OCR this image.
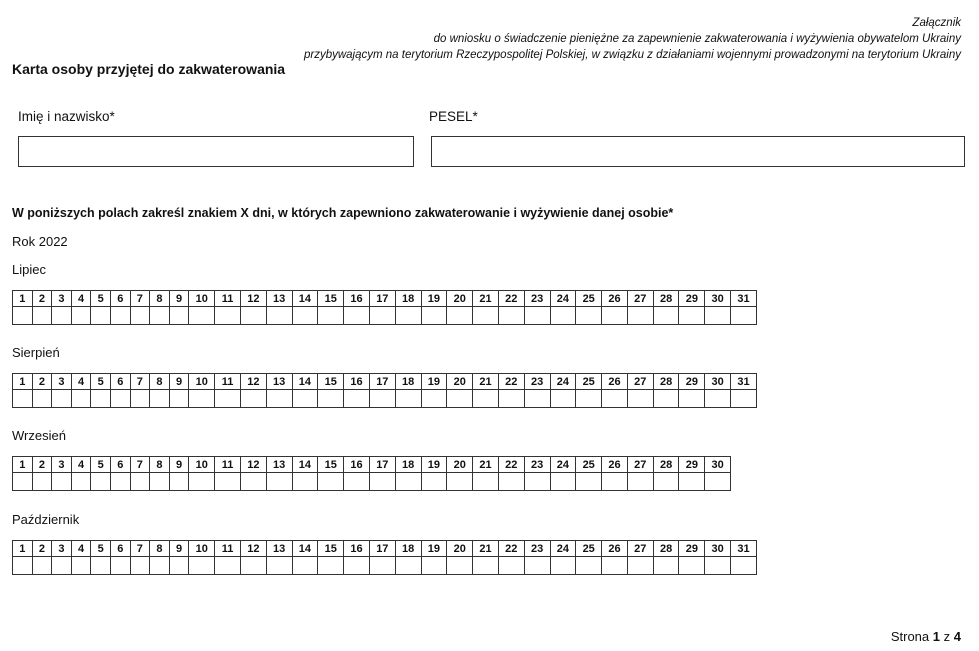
Załącznik
do wniosku o świadczenie pieniężne za zapewnienie zakwaterowania i wyżywienia obywatelom Ukrainy
przybywającym na terytorium Rzeczypospolitej Polskiej, w związku z działaniami wojennymi prowadzonymi na terytorium Ukrainy
Karta osoby przyjętej do zakwaterowania
Imię i nazwisko*	PESEL*
W poniższych polach zakreśl znakiem X dni, w których zapewniono zakwaterowanie i wyżywienie danej osobie*
Rok 2022
Lipiec
1	2	3	4	5	6	7	8	9	10	11	12	13	14	15	16	17	18	19	20	21	22	23	24	25	26	27	28	29	30	31

Sierpień
1	2	3	4	5	6	7	8	9	10	11	12	13	14	15	16	17	18	19	20	21	22	23	24	25	26	27	28	29	30	31

Wrzesień
1	2	3	4	5	6	7	8	9	10	11	12	13	14	15	16	17	18	19	20	21	22	23	24	25	26	27	28	29	30

Październik
1	2	3	4	5	6	7	8	9	10	11	12	13	14	15	16	17	18	19	20	21	22	23	24	25	26	27	28	29	30	31

Strona 1 z 4
